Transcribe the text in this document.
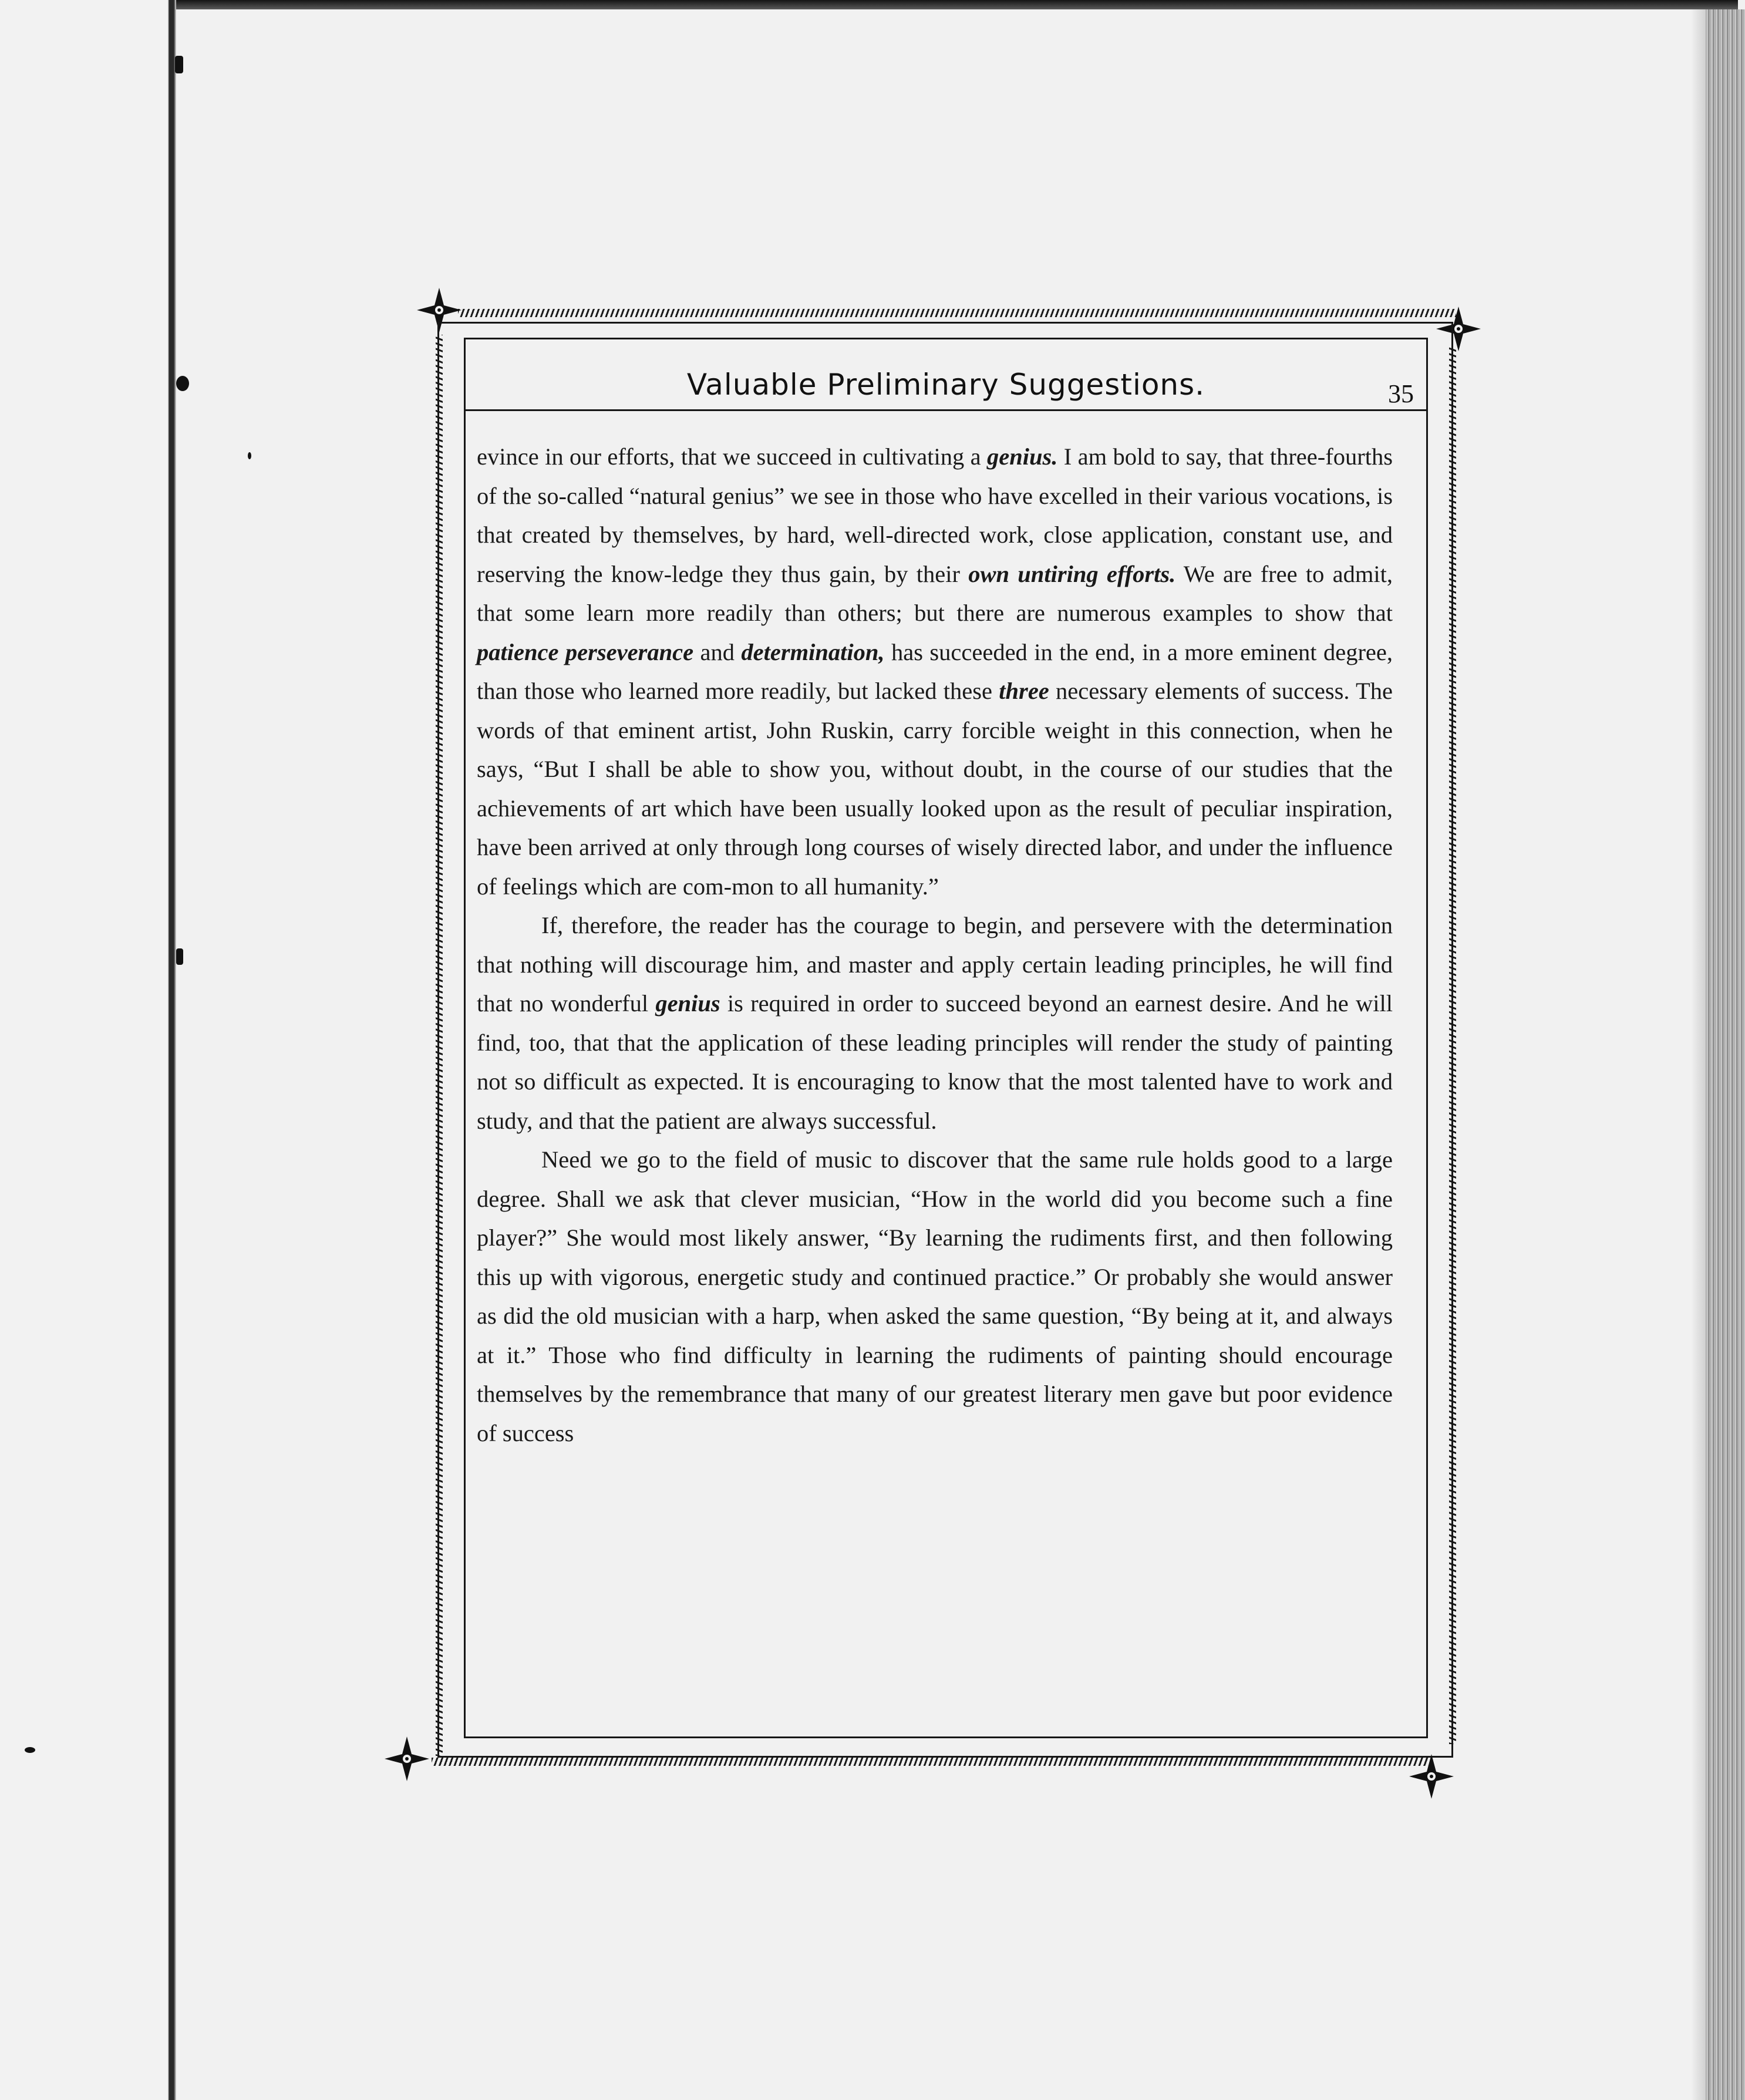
Valuable Preliminary Suggestions.	35

evince in our efforts, that we succeed in cultivating a genius. I am bold to say, that three-fourths of the so-called “natural genius” we see in those who have excelled in their various vocations, is that created by themselves, by hard, well-directed work, close application, constant use, and reserving the know-ledge they thus gain, by their own untiring efforts. We are free to admit, that some learn more readily than others; but there are numerous examples to show that patience perseverance and determination, has succeeded in the end, in a more eminent degree, than those who learned more readily, but lacked these three necessary elements of success. The words of that eminent artist, John Ruskin, carry forcible weight in this connection, when he says, “But I shall be able to show you, without doubt, in the course of our studies that the achievements of art which have been usually looked upon as the result of peculiar inspiration, have been arrived at only through long courses of wisely directed labor, and under the influence of feelings which are com-mon to all humanity.”

If, therefore, the reader has the courage to begin, and persevere with the determination that nothing will discourage him, and master and apply certain leading principles, he will find that no wonderful genius is required in order to succeed beyond an earnest desire. And he will find, too, that that the application of these leading principles will render the study of painting not so difficult as expected. It is encouraging to know that the most talented have to work and study, and that the patient are always successful.

Need we go to the field of music to discover that the same rule holds good to a large degree. Shall we ask that clever musician, “How in the world did you become such a fine player?” She would most likely answer, “By learning the rudiments first, and then following this up with vigorous, energetic study and continued practice.” Or probably she would answer as did the old musician with a harp, when asked the same question, “By being at it, and always at it.” Those who find difficulty in learning the rudiments of painting should encourage themselves by the remembrance that many of our greatest literary men gave but poor evidence of success
